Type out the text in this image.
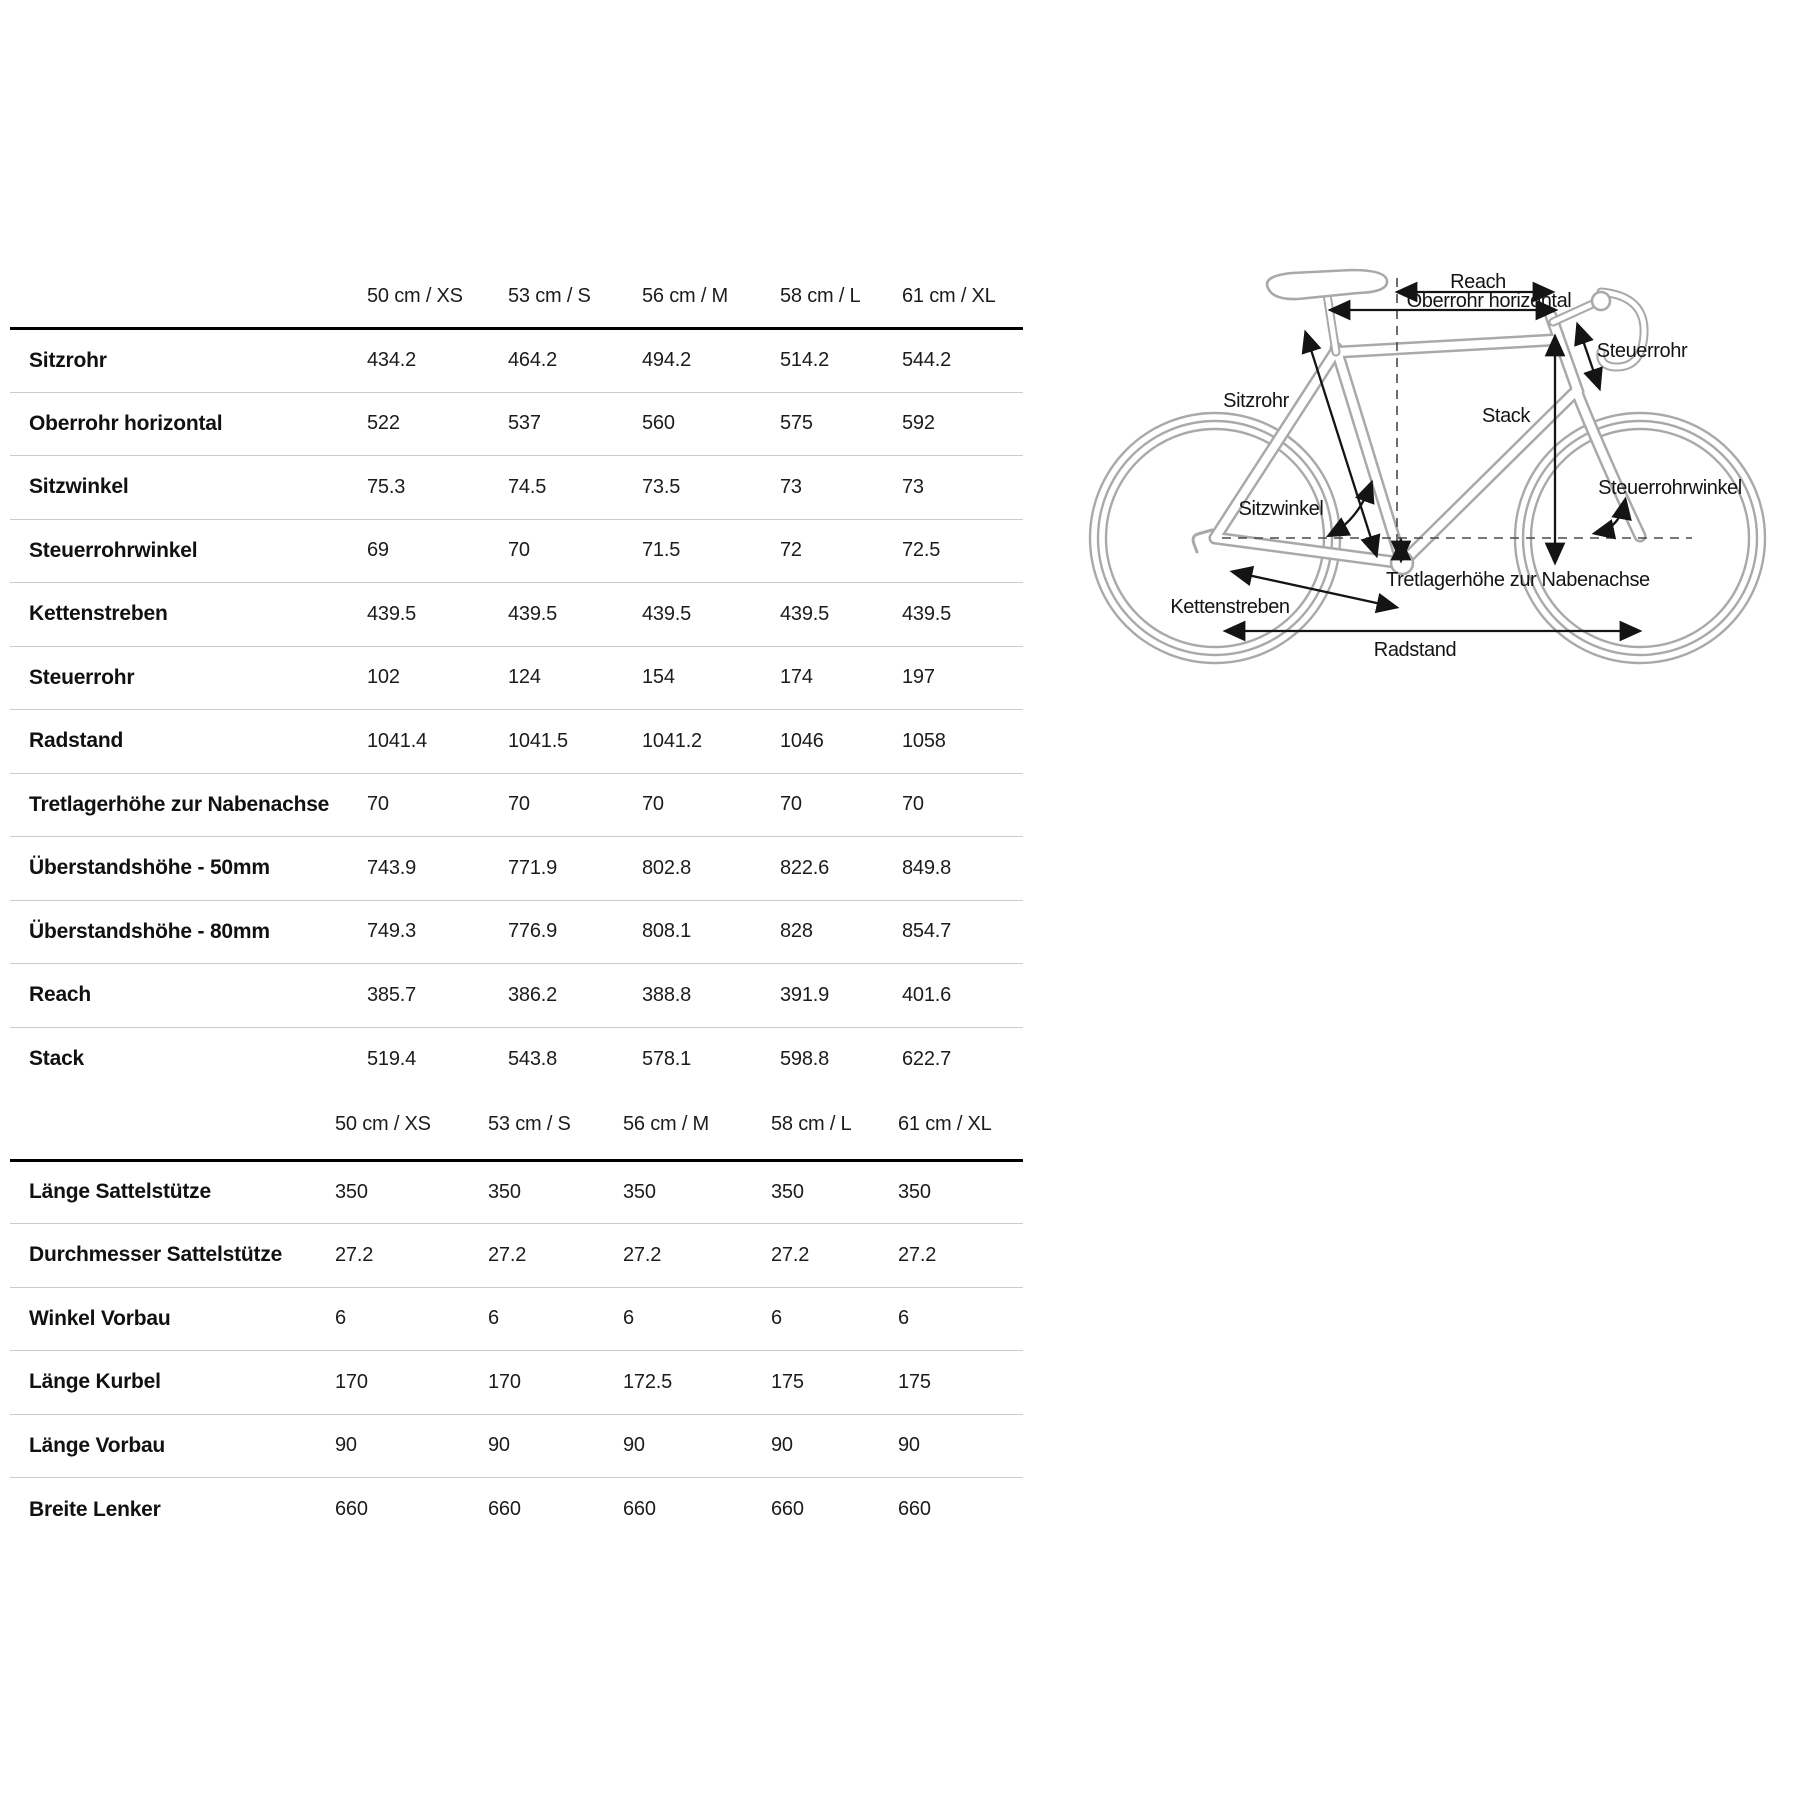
	50 cm / XS	53 cm / S	56 cm / M	58 cm / L	61 cm / XL
Sitzrohr	434.2	464.2	494.2	514.2	544.2
Oberrohr horizontal	522	537	560	575	592
Sitzwinkel	75.3	74.5	73.5	73	73
Steuerrohrwinkel	69	70	71.5	72	72.5
Kettenstreben	439.5	439.5	439.5	439.5	439.5
Steuerrohr	102	124	154	174	197
Radstand	1041.4	1041.5	1041.2	1046	1058
Tretlagerhöhe zur Nabenachse	70	70	70	70	70
Überstandshöhe - 50mm	743.9	771.9	802.8	822.6	849.8
Überstandshöhe - 80mm	749.3	776.9	808.1	828	854.7
Reach	385.7	386.2	388.8	391.9	401.6
Stack	519.4	543.8	578.1	598.8	622.7
	50 cm / XS	53 cm / S	56 cm / M	58 cm / L	61 cm / XL
Länge Sattelstütze	350	350	350	350	350
Durchmesser Sattelstütze	27.2	27.2	27.2	27.2	27.2
Winkel Vorbau	6	6	6	6	6
Länge Kurbel	170	170	172.5	175	175
Länge Vorbau	90	90	90	90	90
Breite Lenker	660	660	660	660	660
Reach
Oberrohr horizontal
Sitzrohr
Steuerrohr
Stack
Sitzwinkel
Steuerrohrwinkel
Kettenstreben
Tretlagerhöhe zur Nabenachse
Radstand
